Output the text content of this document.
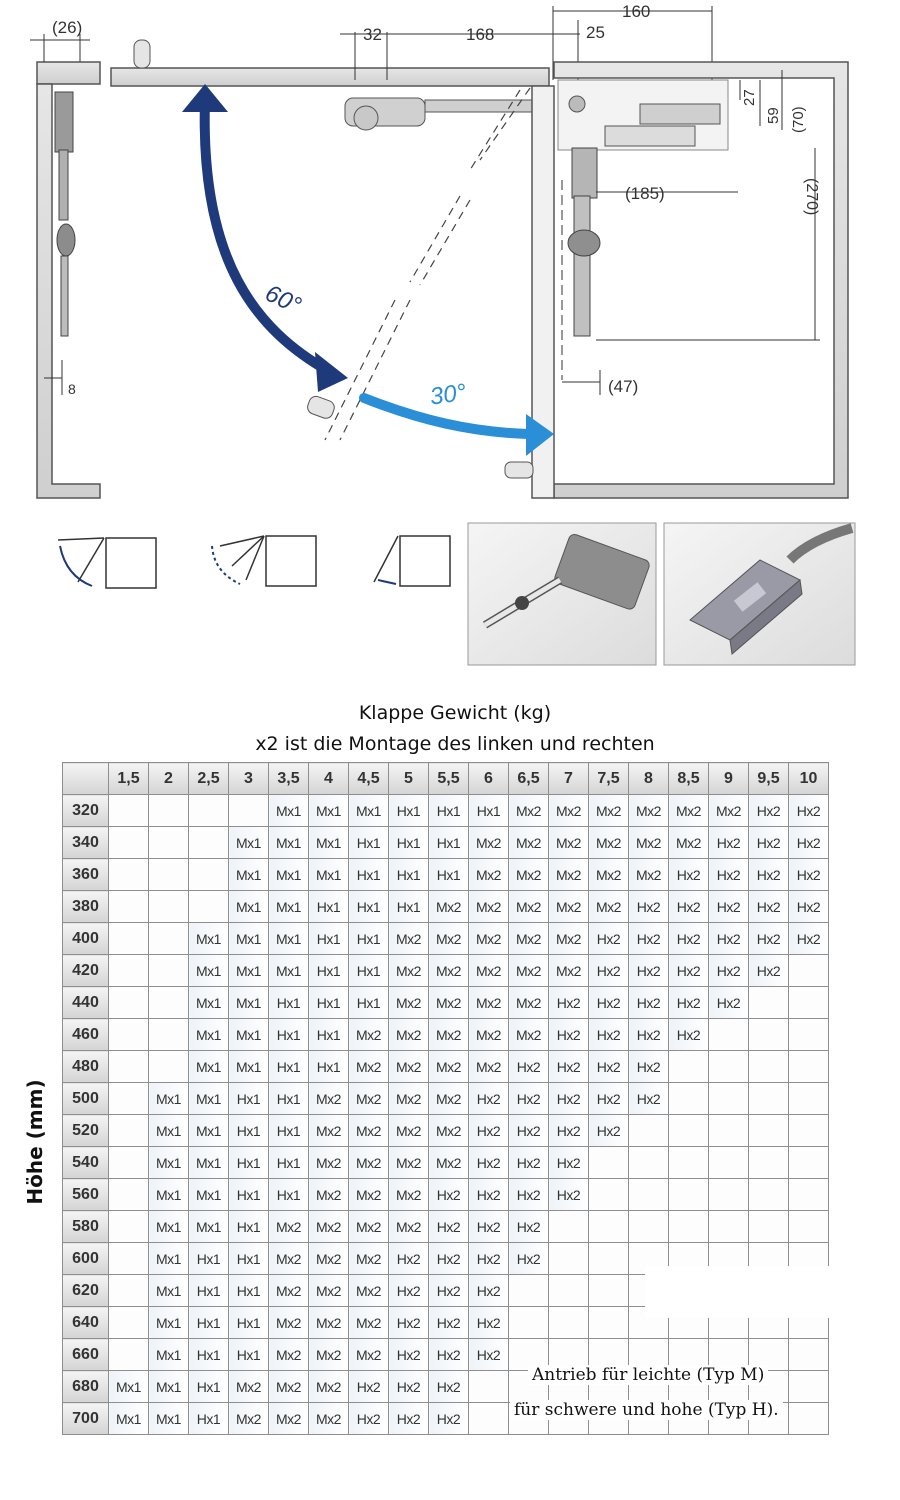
(26)
8
32	168	25
160
27
59 (70)
(185)	(270)
(47)
60°
30°
Klappe Gewicht (kg)
x2 ist die Montage des linken und rechten
Höhe (mm)
	1,5	2	2,5	3	3,5	4	4,5	5	5,5	6	6,5	7	7,5	8	8,5	9	9,5	10
320					Mx1	Mx1	Mx1	Hx1	Hx1	Hx1	Mx2	Mx2	Mx2	Mx2	Mx2	Mx2	Hx2	Hx2
340				Mx1	Mx1	Mx1	Hx1	Hx1	Hx1	Mx2	Mx2	Mx2	Mx2	Mx2	Mx2	Hx2	Hx2	Hx2
360				Mx1	Mx1	Mx1	Hx1	Hx1	Hx1	Mx2	Mx2	Mx2	Mx2	Mx2	Hx2	Hx2	Hx2	Hx2
380				Mx1	Mx1	Hx1	Hx1	Hx1	Mx2	Mx2	Mx2	Mx2	Mx2	Hx2	Hx2	Hx2	Hx2	Hx2
400			Mx1	Mx1	Mx1	Hx1	Hx1	Mx2	Mx2	Mx2	Mx2	Mx2	Hx2	Hx2	Hx2	Hx2	Hx2	Hx2
420			Mx1	Mx1	Mx1	Hx1	Hx1	Mx2	Mx2	Mx2	Mx2	Mx2	Hx2	Hx2	Hx2	Hx2	Hx2	
440			Mx1	Mx1	Hx1	Hx1	Hx1	Mx2	Mx2	Mx2	Mx2	Hx2	Hx2	Hx2	Hx2	Hx2		
460			Mx1	Mx1	Hx1	Hx1	Mx2	Mx2	Mx2	Mx2	Mx2	Hx2	Hx2	Hx2	Hx2			
480			Mx1	Mx1	Hx1	Hx1	Mx2	Mx2	Mx2	Mx2	Hx2	Hx2	Hx2	Hx2				
500		Mx1	Mx1	Hx1	Hx1	Mx2	Mx2	Mx2	Mx2	Hx2	Hx2	Hx2	Hx2	Hx2				
520		Mx1	Mx1	Hx1	Hx1	Mx2	Mx2	Mx2	Mx2	Hx2	Hx2	Hx2	Hx2					
540		Mx1	Mx1	Hx1	Hx1	Mx2	Mx2	Mx2	Mx2	Hx2	Hx2	Hx2						
560		Mx1	Mx1	Hx1	Hx1	Mx2	Mx2	Mx2	Hx2	Hx2	Hx2	Hx2						
580		Mx1	Mx1	Hx1	Mx2	Mx2	Mx2	Mx2	Hx2	Hx2	Hx2							
600		Mx1	Hx1	Hx1	Mx2	Mx2	Mx2	Hx2	Hx2	Hx2	Hx2							
620		Mx1	Hx1	Hx1	Mx2	Mx2	Mx2	Hx2	Hx2	Hx2								
640		Mx1	Hx1	Hx1	Mx2	Mx2	Mx2	Hx2	Hx2	Hx2								
660		Mx1	Hx1	Hx1	Mx2	Mx2	Mx2	Hx2	Hx2	Hx2								
680	Mx1	Mx1	Hx1	Mx2	Mx2	Mx2	Hx2	Hx2	Hx2									
700	Mx1	Mx1	Hx1	Mx2	Mx2	Mx2	Hx2	Hx2	Hx2									
Antrieb für leichte (Typ M)
für schwere und hohe (Typ H).
